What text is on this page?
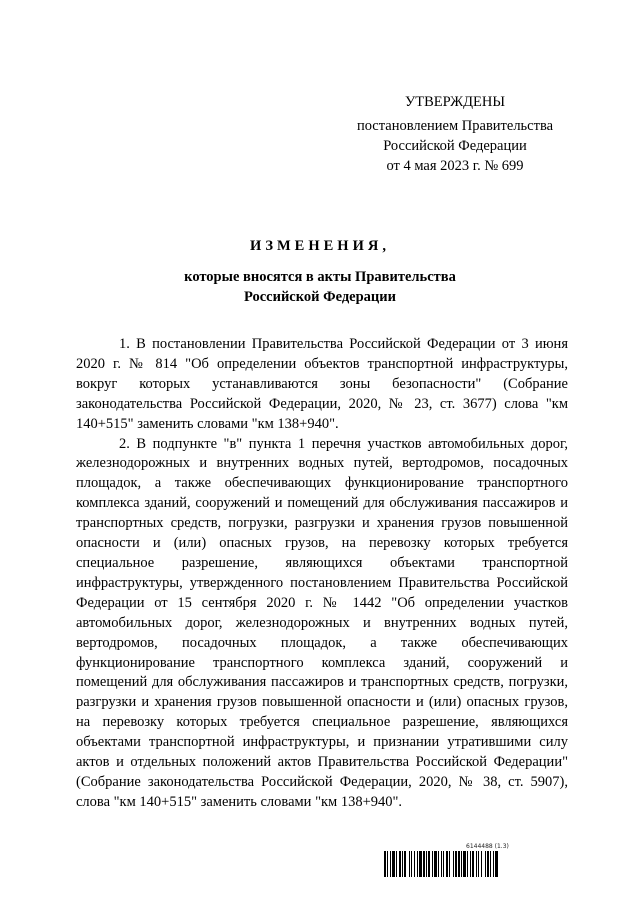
УТВЕРЖДЕНЫ
постановлением Правительства
Российской Федерации
от 4 мая 2023 г. № 699
ИЗМЕНЕНИЯ,
которые вносятся в акты Правительства
Российской Федерации

1. В постановлении Правительства Российской Федерации от 3 июня 2020 г. № 814 "Об определении объектов транспортной инфраструктуры, вокруг которых устанавливаются зоны безопасности" (Собрание законодательства Российской Федерации, 2020, № 23, ст. 3677) слова "км 140+515" заменить словами "км 138+940".

2. В подпункте "в" пункта 1 перечня участков автомобильных дорог, железнодорожных и внутренних водных путей, вертодромов, посадочных площадок, а также обеспечивающих функционирование транспортного комплекса зданий, сооружений и помещений для обслуживания пассажиров и транспортных средств, погрузки, разгрузки и хранения грузов повышенной опасности и (или) опасных грузов, на перевозку которых требуется специальное разрешение, являющихся объектами транспортной инфраструктуры, утвержденного постановлением Правительства Российской Федерации от 15 сентября 2020 г. № 1442 "Об определении участков автомобильных дорог, железнодорожных и внутренних водных путей, вертодромов, посадочных площадок, а также обеспечивающих функционирование транспортного комплекса зданий, сооружений и помещений для обслуживания пассажиров и транспортных средств, погрузки, разгрузки и хранения грузов повышенной опасности и (или) опасных грузов, на перевозку которых требуется специальное разрешение, являющихся объектами транспортной инфраструктуры, и признании утратившими силу актов и отдельных положений актов Правительства Российской Федерации" (Собрание законодательства Российской Федерации, 2020, № 38, ст. 5907), слова "км 140+515" заменить словами "км 138+940".

6144488 (1.3)
